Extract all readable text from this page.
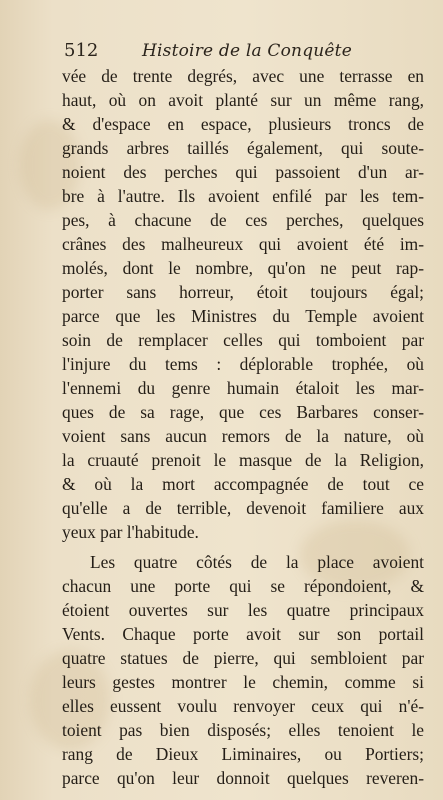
512	Histoire de la Conquête
vée de trente degrés, avec une terrasse en
haut, où on avoit planté sur un même rang,
& d'espace en espace, plusieurs troncs de
grands arbres taillés également, qui soute-
noient des perches qui passoient d'un ar-
bre à l'autre. Ils avoient enfilé par les tem-
pes, à chacune de ces perches, quelques
crânes des malheureux qui avoient été im-
molés, dont le nombre, qu'on ne peut rap-
porter sans horreur, étoit toujours égal;
parce que les Ministres du Temple avoient
soin de remplacer celles qui tomboient par
l'injure du tems : déplorable trophée, où
l'ennemi du genre humain étaloit les mar-
ques de sa rage, que ces Barbares conser-
voient sans aucun remors de la nature, où
la cruauté prenoit le masque de la Religion,
& où la mort accompagnée de tout ce
qu'elle a de terrible, devenoit familiere aux
yeux par l'habitude.
Les quatre côtés de la place avoient
chacun une porte qui se répondoient, &
étoient ouvertes sur les quatre principaux
Vents. Chaque porte avoit sur son portail
quatre statues de pierre, qui sembloient par
leurs gestes montrer le chemin, comme si
elles eussent voulu renvoyer ceux qui n'é-
toient pas bien disposés; elles tenoient le
rang de Dieux Liminaires, ou Portiers;
parce qu'on leur donnoit quelques reveren-
